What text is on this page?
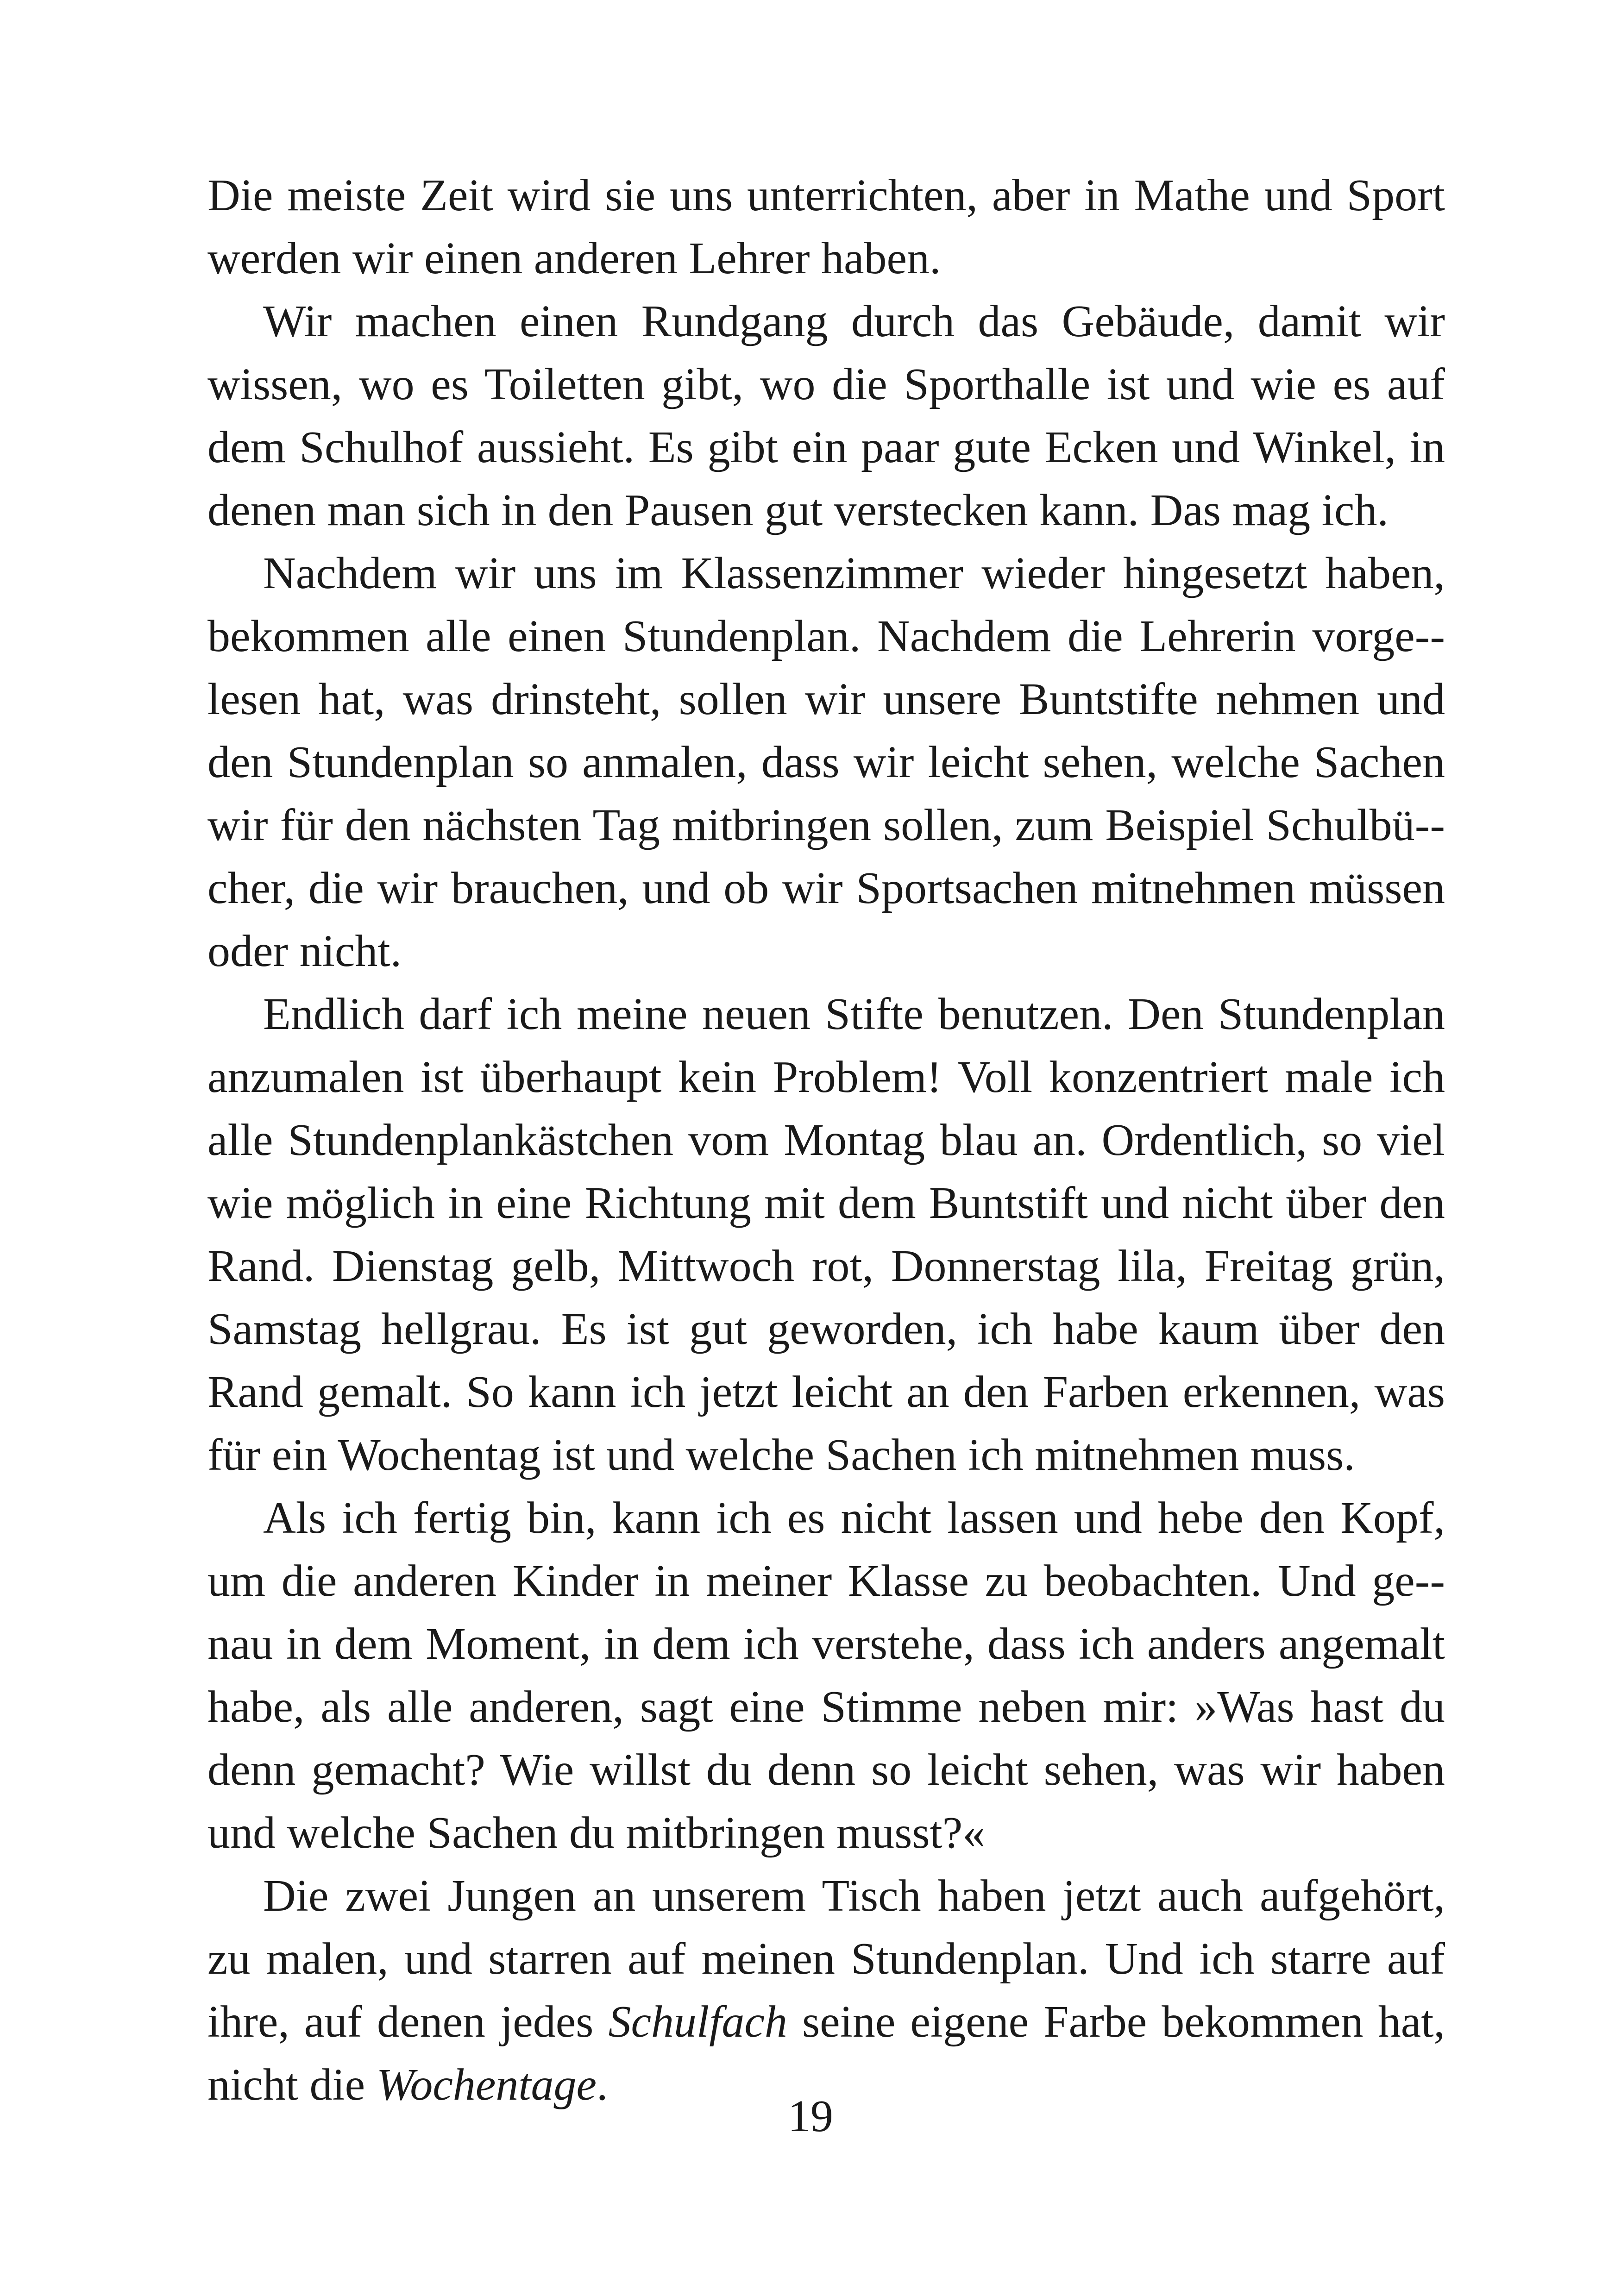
Die meiste Zeit wird sie uns unterrichten, aber in Mathe und Sport werden wir einen anderen Lehrer haben.

Wir machen einen Rundgang durch das Gebäude, damit wir wissen, wo es Toiletten gibt, wo die Sporthalle ist und wie es auf dem Schulhof aussieht. Es gibt ein paar gute Ecken und Winkel, in denen man sich in den Pausen gut verstecken kann. Das mag ich.

Nachdem wir uns im Klassenzimmer wieder hingesetzt haben, bekommen alle einen Stundenplan. Nachdem die Lehrerin vorge-lesen hat, was drinsteht, sollen wir unsere Buntstifte nehmen und den Stundenplan so anmalen, dass wir leicht sehen, welche Sachen wir für den nächsten Tag mitbringen sollen, zum Beispiel Schulbü-cher, die wir brauchen, und ob wir Sportsachen mitnehmen müssen oder nicht.

Endlich darf ich meine neuen Stifte benutzen. Den Stundenplan anzumalen ist überhaupt kein Problem! Voll konzentriert male ich alle Stundenplankästchen vom Montag blau an. Ordentlich, so viel wie möglich in eine Richtung mit dem Buntstift und nicht über den Rand. Dienstag gelb, Mittwoch rot, Donnerstag lila, Freitag grün, Samstag hellgrau. Es ist gut geworden, ich habe kaum über den Rand gemalt. So kann ich jetzt leicht an den Farben erkennen, was für ein Wochentag ist und welche Sachen ich mitnehmen muss.

Als ich fertig bin, kann ich es nicht lassen und hebe den Kopf, um die anderen Kinder in meiner Klasse zu beobachten. Und ge-nau in dem Moment, in dem ich verstehe, dass ich anders angemalt habe, als alle anderen, sagt eine Stimme neben mir: »Was hast du denn gemacht? Wie willst du denn so leicht sehen, was wir haben und welche Sachen du mitbringen musst?«

Die zwei Jungen an unserem Tisch haben jetzt auch aufgehört, zu malen, und starren auf meinen Stundenplan. Und ich starre auf ihre, auf denen jedes Schulfach seine eigene Farbe bekommen hat, nicht die Wochentage.

19
